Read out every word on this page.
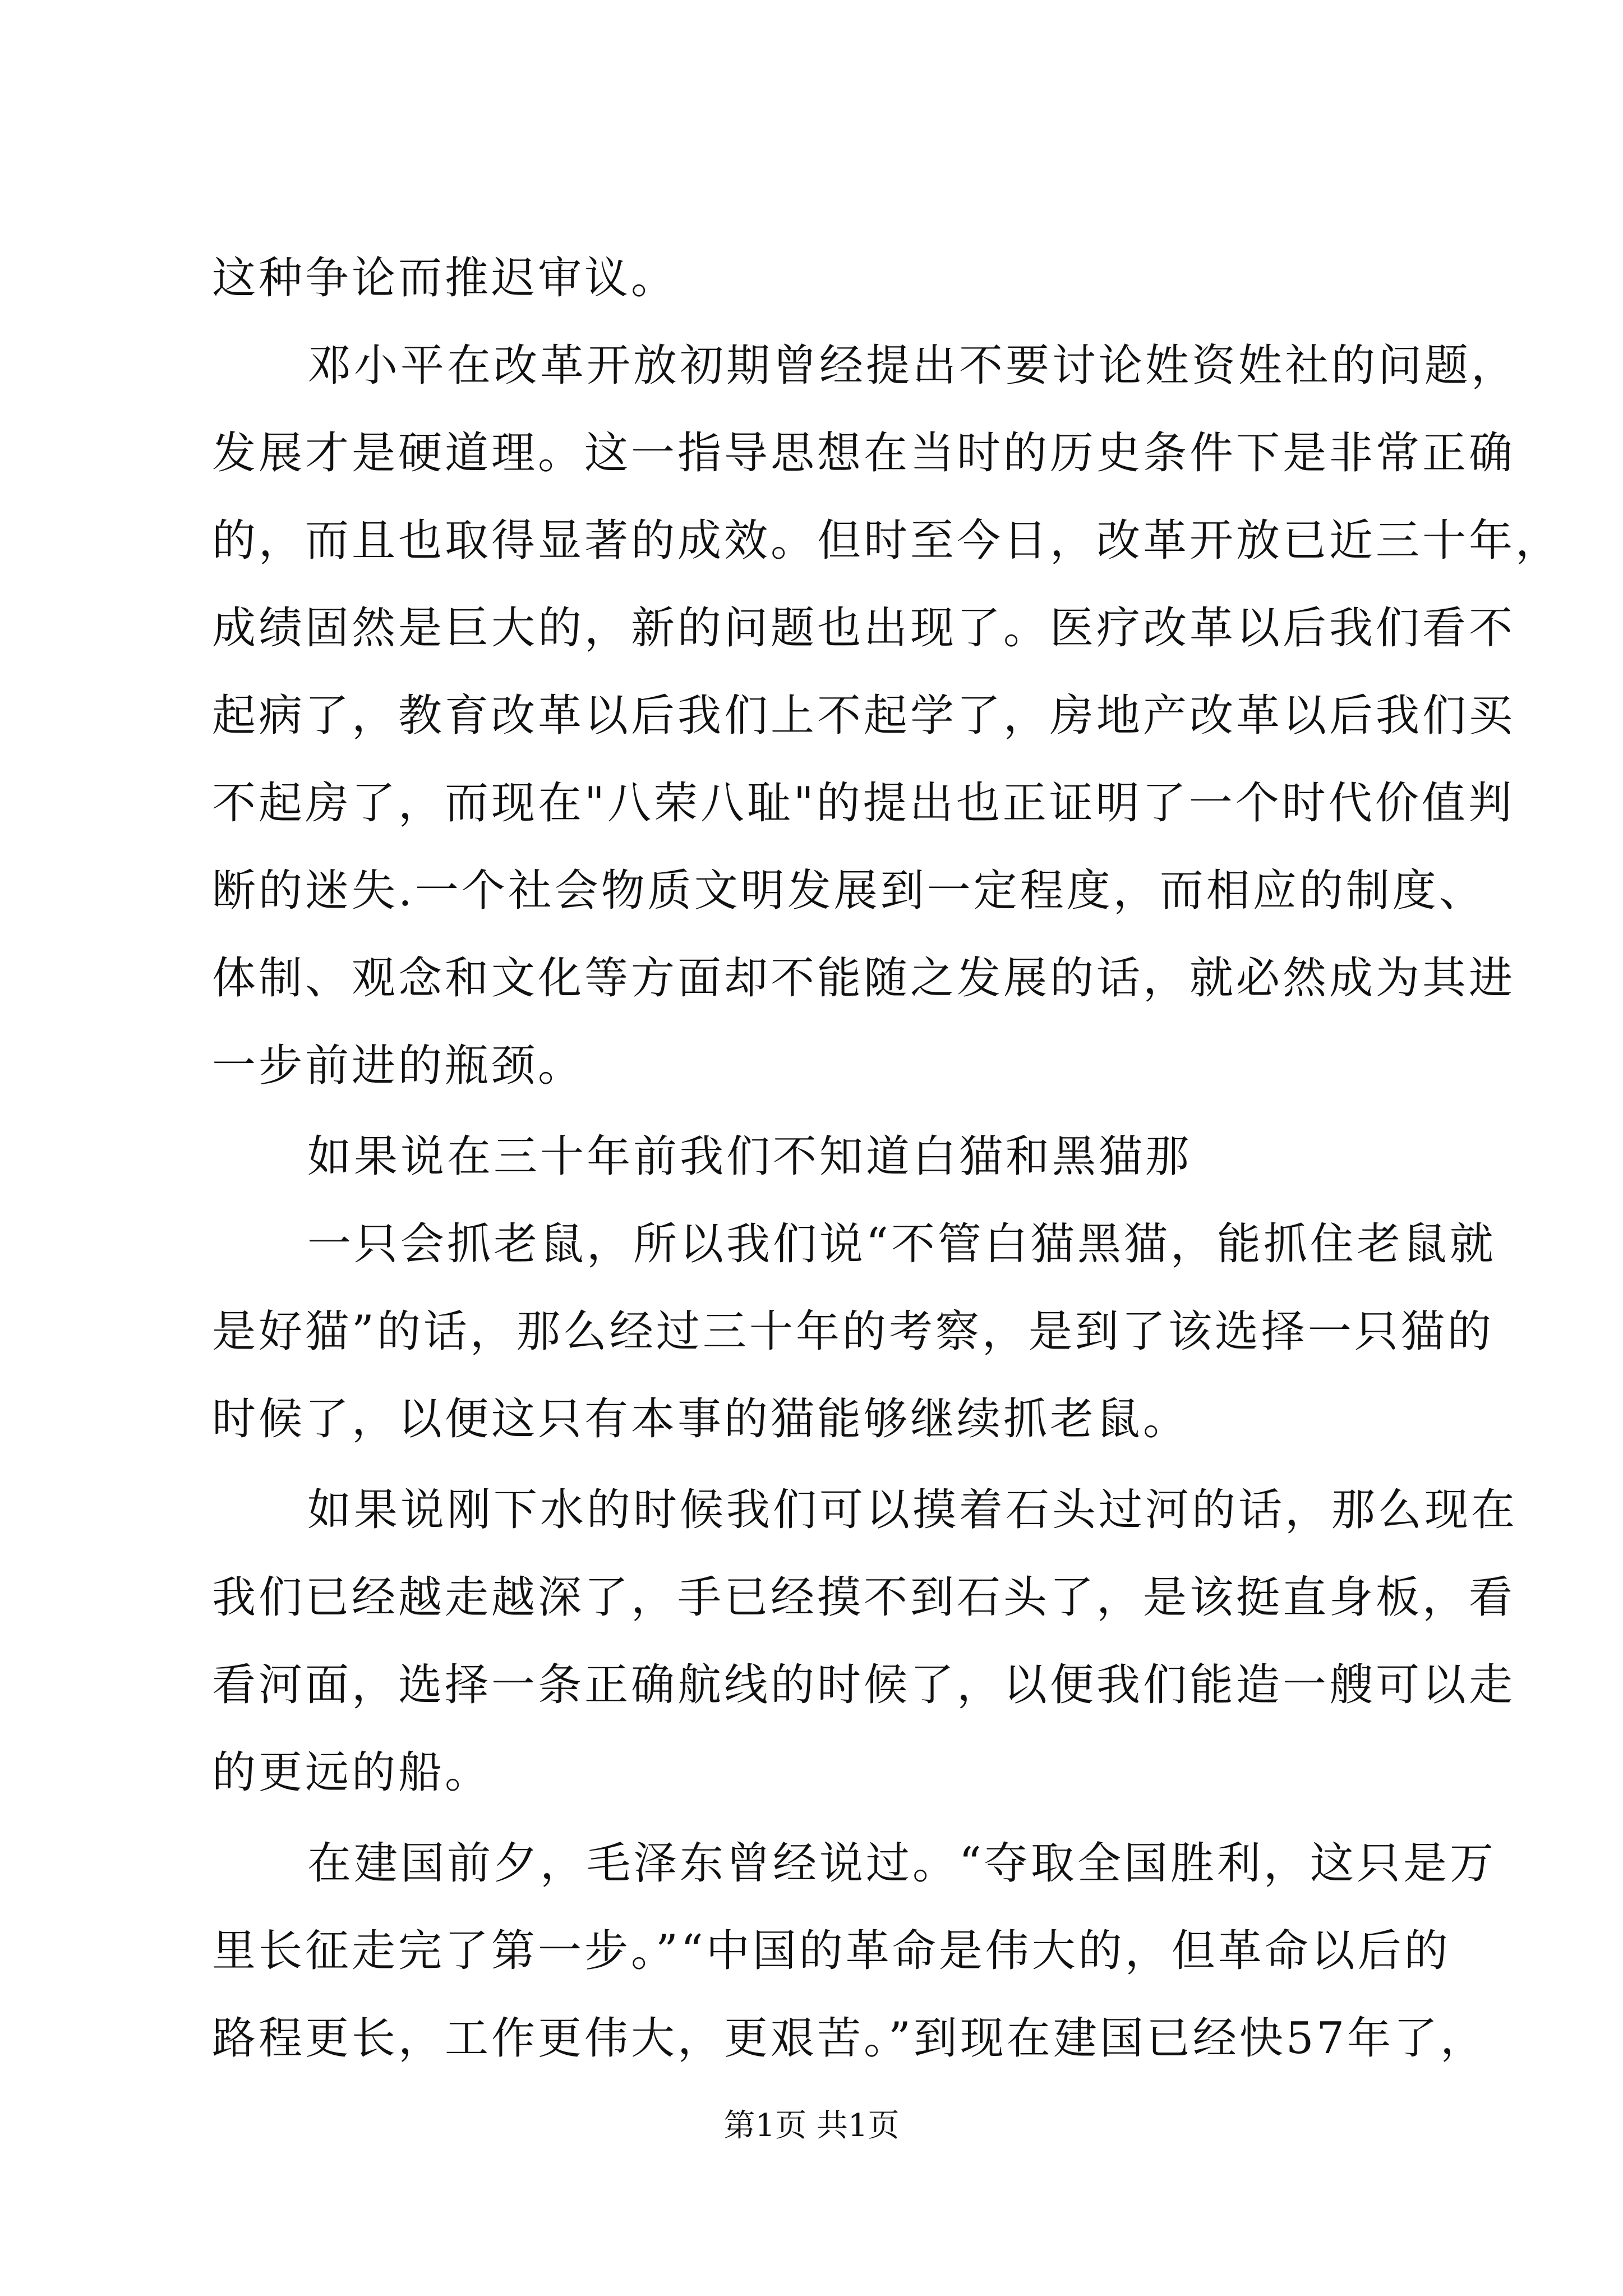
这种争论而推迟审议。
邓小平在改革开放初期曾经提出不要讨论姓资姓社的问题，
发展才是硬道理。这一指导思想在当时的历史条件下是非常正确
的，而且也取得显著的成效。但时至今日，改革开放已近三十年，
成绩固然是巨大的，新的问题也出现了。医疗改革以后我们看不
起病了，教育改革以后我们上不起学了，房地产改革以后我们买
不起房了，而现在"八荣八耻"的提出也正证明了一个时代价值判
断的迷失.一个社会物质文明发展到一定程度，而相应的制度、
体制、观念和文化等方面却不能随之发展的话，就必然成为其进
一步前进的瓶颈。
如果说在三十年前我们不知道白猫和黑猫那
一只会抓老鼠，所以我们说“不管白猫黑猫，能抓住老鼠就
是好猫”的话，那么经过三十年的考察，是到了该选择一只猫的
时候了，以便这只有本事的猫能够继续抓老鼠。
如果说刚下水的时候我们可以摸着石头过河的话，那么现在
我们已经越走越深了，手已经摸不到石头了，是该挺直身板，看
看河面，选择一条正确航线的时候了，以便我们能造一艘可以走
的更远的船。
在建国前夕，毛泽东曾经说过。“夺取全国胜利，这只是万
里长征走完了第一步。”“中国的革命是伟大的，但革命以后的
路程更长，工作更伟大，更艰苦。”到现在建国已经快57年了，
第1页 共1页
